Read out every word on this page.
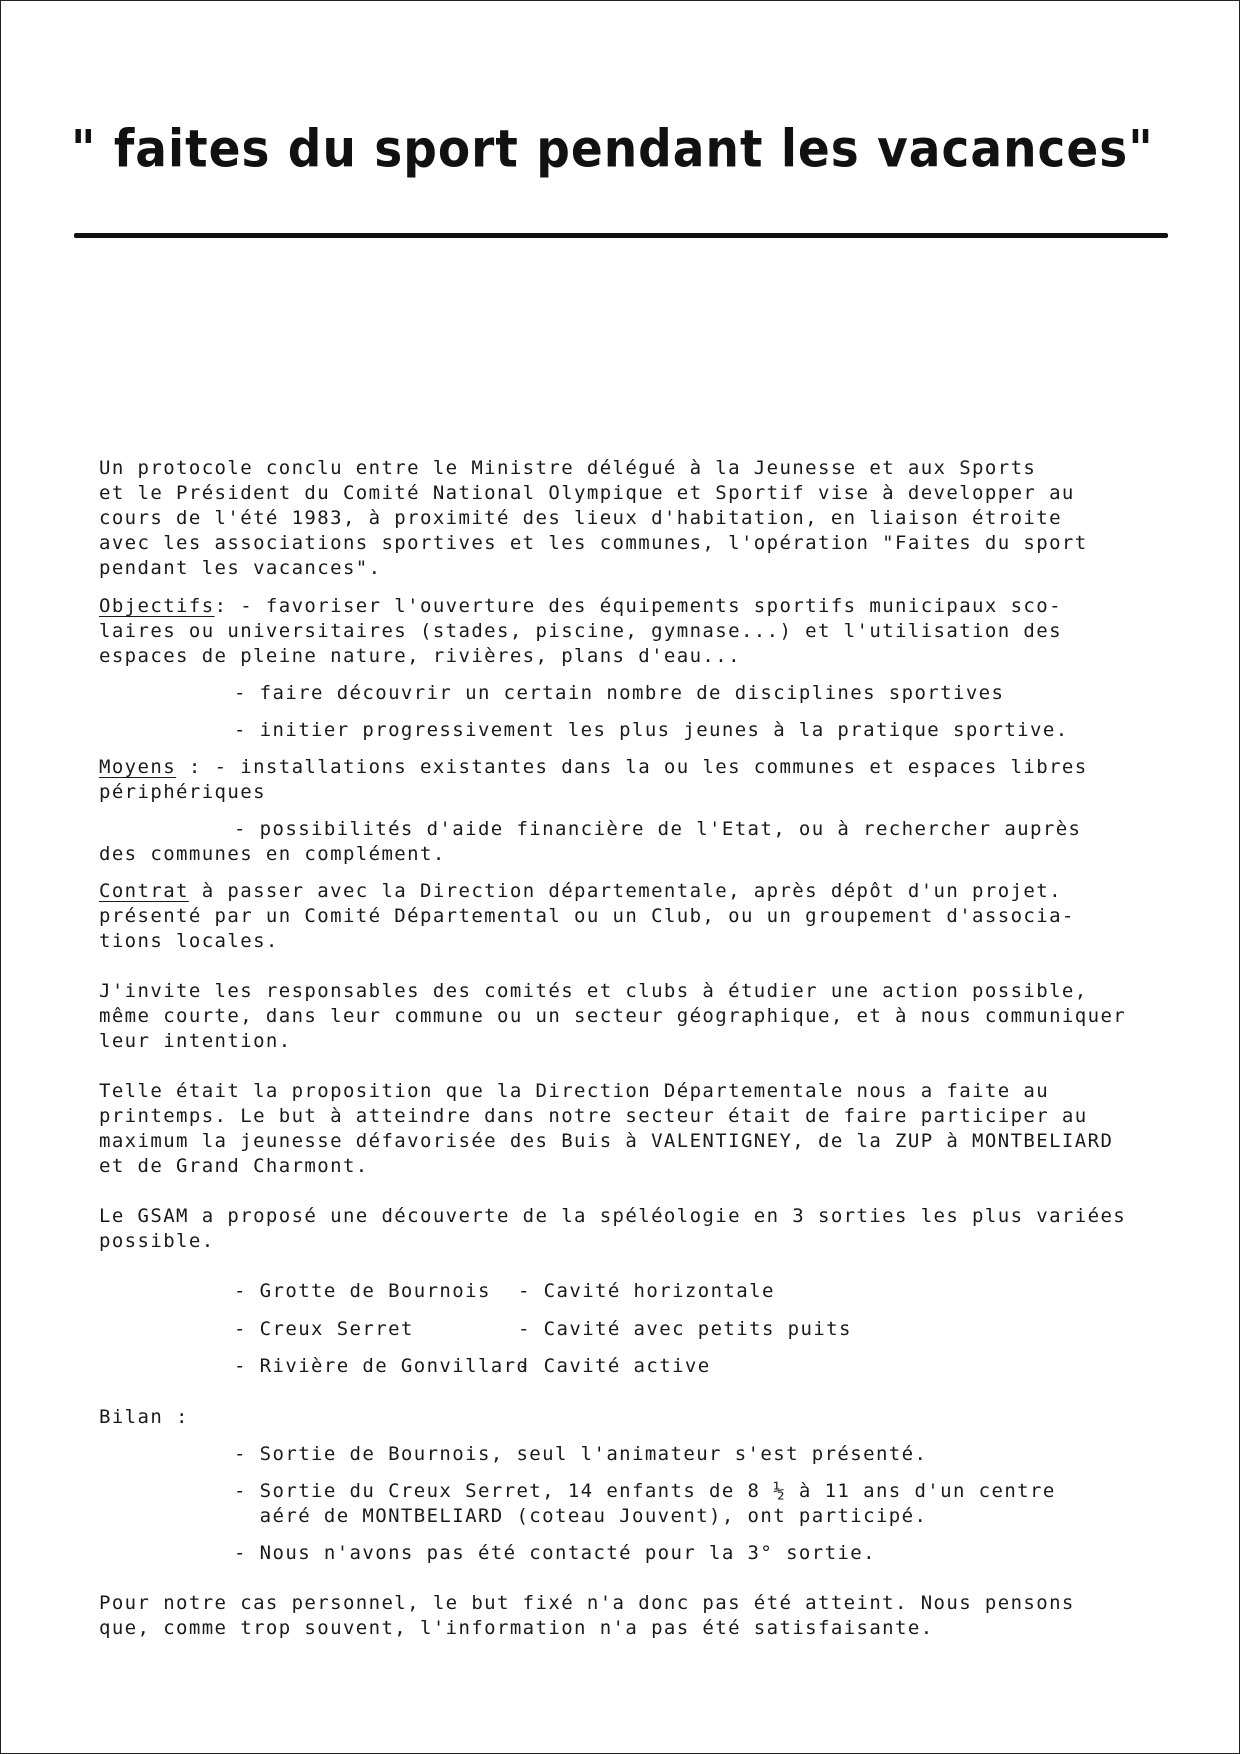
" faites du sport pendant les vacances"
Un protocole conclu entre le Ministre délégué à la Jeunesse et aux Sports
et le Président du Comité National Olympique et Sportif vise à developper au
cours de l'été 1983, à proximité des lieux d'habitation, en liaison étroite
avec les associations sportives et les communes, l'opération "Faites du sport
pendant les vacances".
Objectifs: - favoriser l'ouverture des équipements sportifs municipaux sco-
laires ou universitaires (stades, piscine, gymnase...) et l'utilisation des
espaces de pleine nature, rivières, plans d'eau...
- faire découvrir un certain nombre de disciplines sportives
- initier progressivement les plus jeunes à la pratique sportive.
Moyens : - installations existantes dans la ou les communes et espaces libres
périphériques
- possibilités d'aide financière de l'Etat, ou à rechercher auprès
des communes en complément.
Contrat à passer avec la Direction départementale, après dépôt d'un projet.
présenté par un Comité Départemental ou un Club, ou un groupement d'associa-
tions locales.
J'invite les responsables des comités et clubs à étudier une action possible,
même courte, dans leur commune ou un secteur géographique, et à nous communiquer
leur intention.
Telle était la proposition que la Direction Départementale nous a faite au
printemps. Le but à atteindre dans notre secteur était de faire participer au
maximum la jeunesse défavorisée des Buis à VALENTIGNEY, de la ZUP à MONTBELIARD
et de Grand Charmont.
Le GSAM a proposé une découverte de la spéléologie en 3 sorties les plus variées
possible.
- Grotte de Bournois - Cavité horizontale
- Creux Serret	- Cavité avec petits puits
- Rivière de Gonvillard
- Cavité active
Bilan :
- Sortie de Bournois, seul l'animateur s'est présenté.
- Sortie du Creux Serret, 14 enfants de 8 ½ à 11 ans d'un centre
aéré de MONTBELIARD (coteau Jouvent), ont participé.
- Nous n'avons pas été contacté pour la 3° sortie.
Pour notre cas personnel, le but fixé n'a donc pas été atteint. Nous pensons
que, comme trop souvent, l'information n'a pas été satisfaisante.
